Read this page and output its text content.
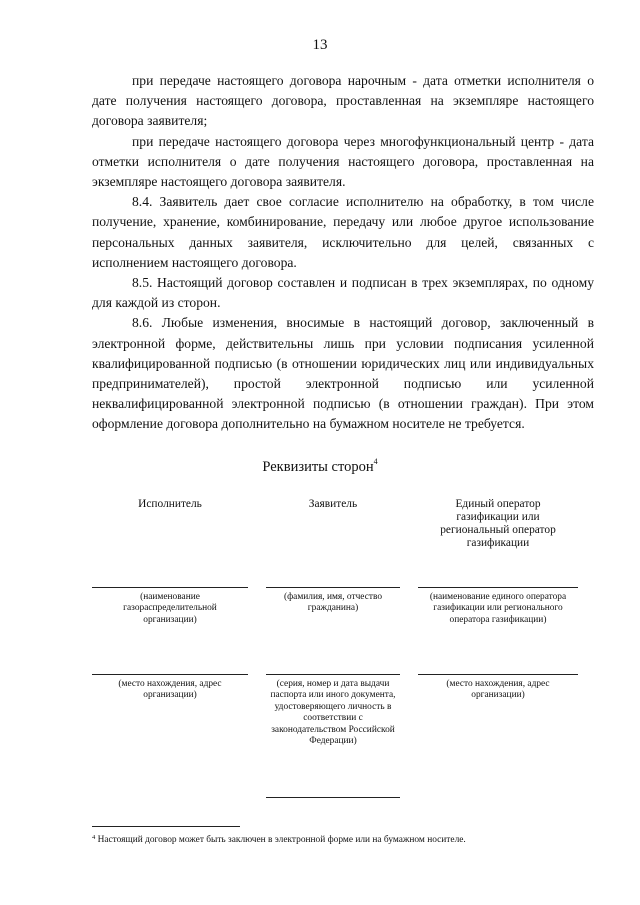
13

при передаче настоящего договора нарочным - дата отметки исполнителя о дате получения настоящего договора, проставленная на экземпляре настоящего договора заявителя;

при передаче настоящего договора через многофункциональный центр - дата отметки исполнителя о дате получения настоящего договора, проставленная на экземпляре настоящего договора заявителя.

8.4. Заявитель дает свое согласие исполнителю на обработку, в том числе получение, хранение, комбинирование, передачу или любое другое использование персональных данных заявителя, исключительно для целей, связанных с исполнением настоящего договора.

8.5. Настоящий договор составлен и подписан в трех экземплярах, по одному для каждой из сторон.

8.6. Любые изменения, вносимые в настоящий договор, заключенный в электронной форме, действительны лишь при условии подписания усиленной квалифицированной подписью (в отношении юридических лиц или индивидуальных предпринимателей), простой электронной подписью или усиленной неквалифицированной электронной подписью (в отношении граждан). При этом оформление договора дополнительно на бумажном носителе не требуется.

Реквизиты сторон$^4$
Исполнитель
(наименование газораспределительной организации)
(место нахождения, адрес организации)
Заявитель
(фамилия, имя, отчество гражданина)
(серия, номер и дата выдачи паспорта или иного документа, удостоверяющего личность в соответствии с законодательством Российской Федерации)
Единый оператор газификации или региональный оператор газификации
(наименование единого оператора газификации или регионального оператора газификации)
(место нахождения, адрес организации)
$^4$ Настоящий договор может быть заключен в электронной форме или на бумажном носителе.
